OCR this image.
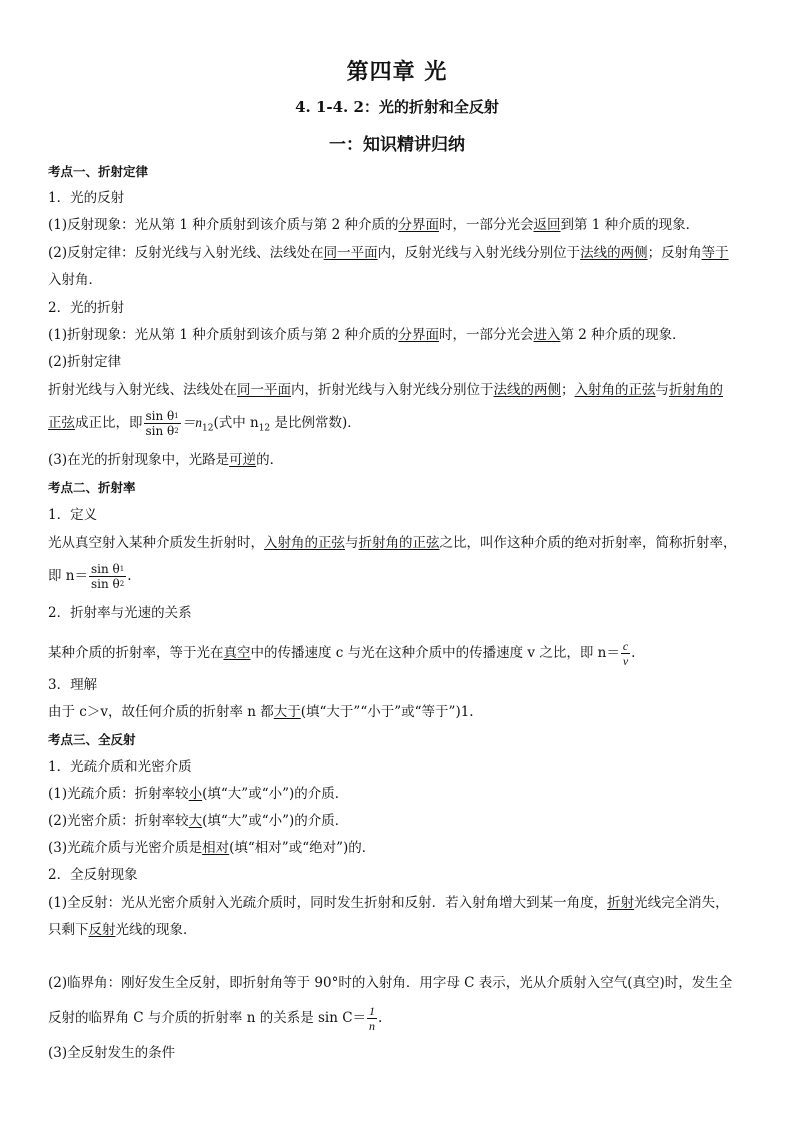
第四章 光
4. 1-4. 2：光的折射和全反射
一：知识精讲归纳
考点一、折射定律
1．光的反射
(1)反射现象：光从第 1 种介质射到该介质与第 2 种介质的分界面时，一部分光会返回到第 1 种介质的现象．
(2)反射定律：反射光线与入射光线、法线处在同一平面内，反射光线与入射光线分别位于法线的两侧；反射角等于
入射角．
2．光的折射
(1)折射现象：光从第 1 种介质射到该介质与第 2 种介质的分界面时，一部分光会进入第 2 种介质的现象．
(2)折射定律
折射光线与入射光线、法线处在同一平面内，折射光线与入射光线分别位于法线的两侧；入射角的正弦与折射角的
正弦成正比，即 $\frac{\sin \theta^1}{\sin \theta^2} =n_{12}$(式中 $n_{12}$ 是比例常数)．
(3)在光的折射现象中，光路是可逆的．
考点二、折射率
1．定义
光从真空射入某种介质发生折射时，入射角的正弦与折射角的正弦之比，叫作这种介质的绝对折射率，简称折射率，
即 $n= \frac{\sin \theta^1}{\sin \theta^2}$ .
2．折射率与光速的关系
某种介质的折射率，等于光在真空中的传播速度 c 与光在这种介质中的传播速度 v 之比，即 $n= \frac{c}{v}$ .
3．理解
由于 c＞v，故任何介质的折射率 n 都大于(填“大于”“小于”或“等于”)1.
考点三、全反射
1．光疏介质和光密介质
(1)光疏介质：折射率较小(填“大”或“小”)的介质．
(2)光密介质：折射率较大(填“大”或“小”)的介质．
(3)光疏介质与光密介质是相对(填“相对”或“绝对”)的．
2．全反射现象
(1)全反射：光从光密介质射入光疏介质时，同时发生折射和反射．若入射角增大到某一角度，折射光线完全消失，
只剩下反射光线的现象．
(2)临界角：刚好发生全反射，即折射角等于 90°时的入射角．用字母 C 表示，光从介质射入空气(真空)时，发生全
反射的临界角 C 与介质的折射率 n 的关系是 $\sin C= \frac{1}{n}$ .
(3)全反射发生的条件
